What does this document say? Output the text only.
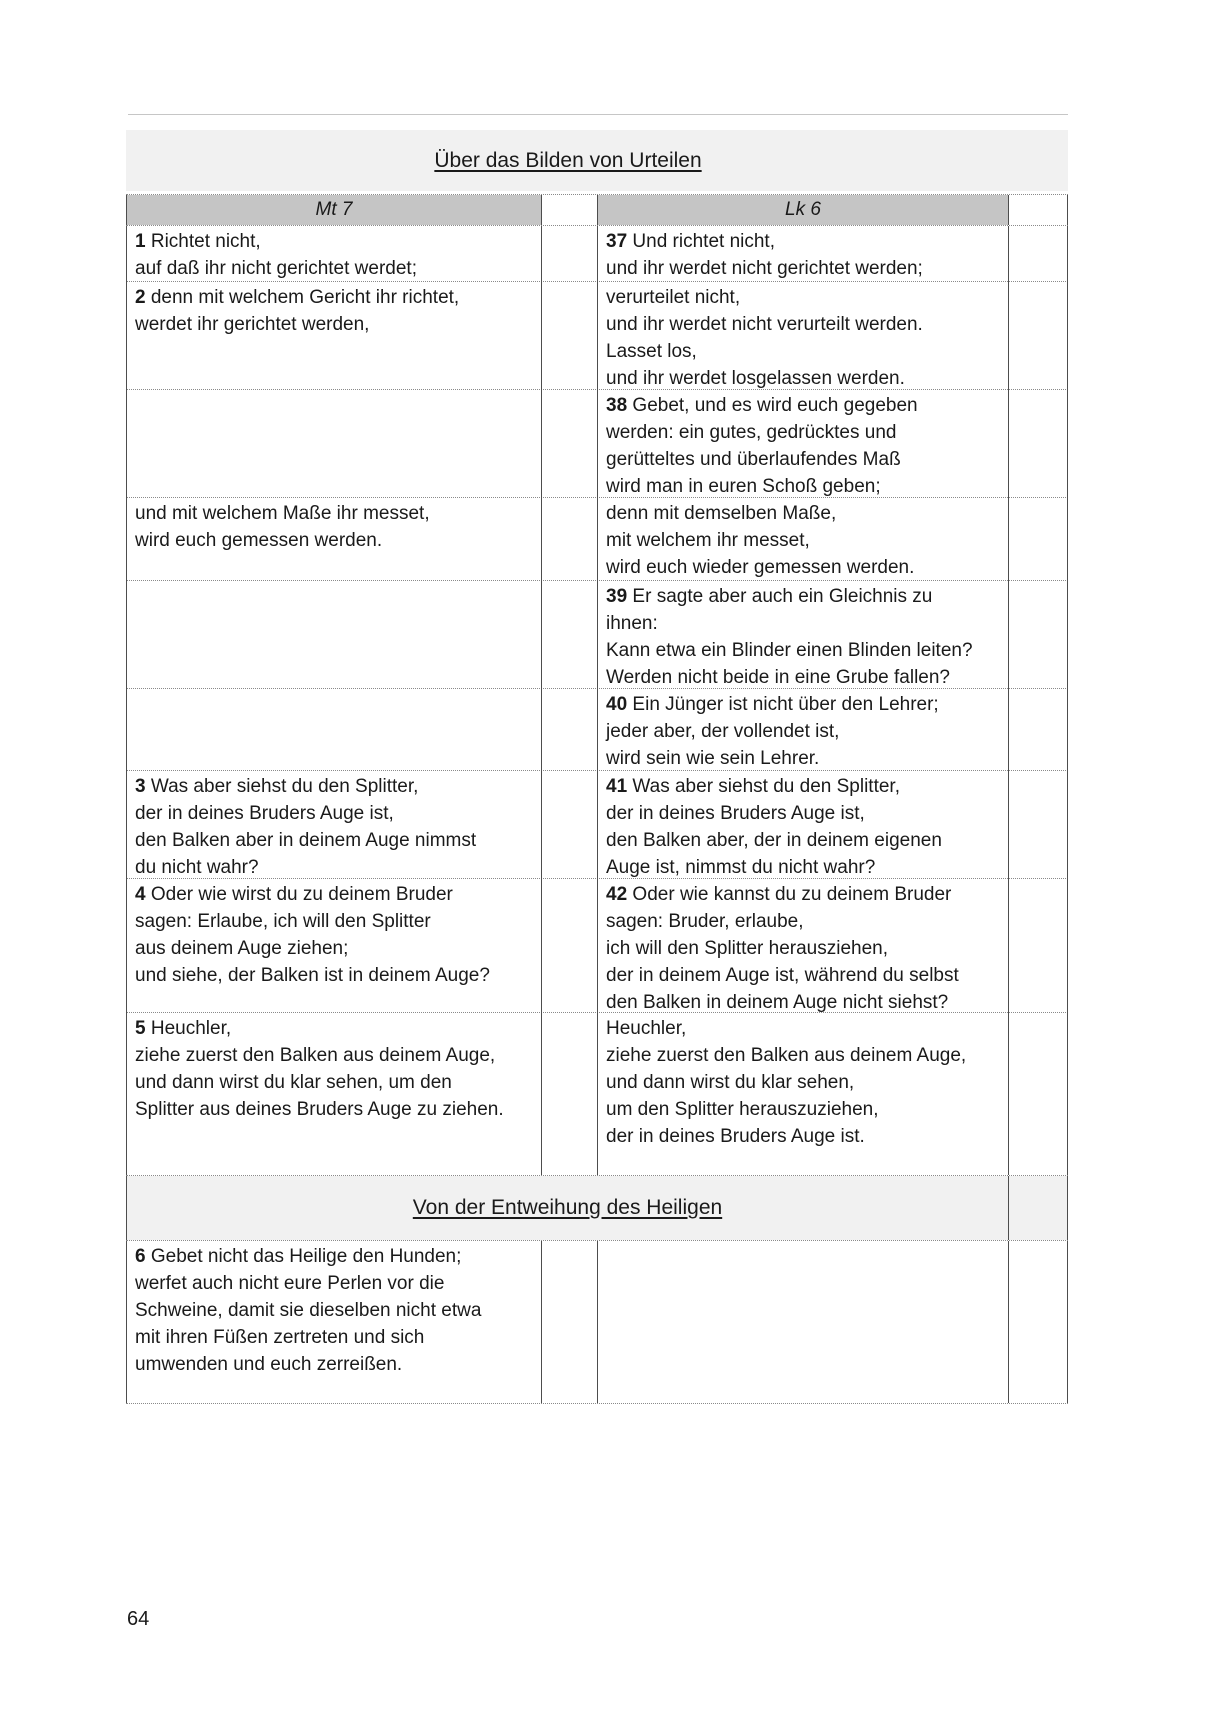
Über das Bilden von Urteilen
Mt 7	Lk 6
1 Richtet nicht,
auf daß ihr nicht gerichtet werdet;
37 Und richtet nicht,
und ihr werdet nicht gerichtet werden;
2 denn mit welchem Gericht ihr richtet,
werdet ihr gerichtet werden,
verurteilet nicht,
und ihr werdet nicht verurteilt werden.
Lasset los,
und ihr werdet losgelassen werden.
38 Gebet, und es wird euch gegeben
werden: ein gutes, gedrücktes und
gerütteltes und überlaufendes Maß
wird man in euren Schoß geben;
und mit welchem Maße ihr messet,
wird euch gemessen werden.
denn mit demselben Maße,
mit welchem ihr messet,
wird euch wieder gemessen werden.
39 Er sagte aber auch ein Gleichnis zu
ihnen:
Kann etwa ein Blinder einen Blinden leiten?
Werden nicht beide in eine Grube fallen?
40 Ein Jünger ist nicht über den Lehrer;
jeder aber, der vollendet ist,
wird sein wie sein Lehrer.
3 Was aber siehst du den Splitter,
der in deines Bruders Auge ist,
den Balken aber in deinem Auge nimmst
du nicht wahr?
41 Was aber siehst du den Splitter,
der in deines Bruders Auge ist,
den Balken aber, der in deinem eigenen
Auge ist, nimmst du nicht wahr?
4 Oder wie wirst du zu deinem Bruder
sagen: Erlaube, ich will den Splitter
aus deinem Auge ziehen;
und siehe, der Balken ist in deinem Auge?
42 Oder wie kannst du zu deinem Bruder
sagen: Bruder, erlaube,
ich will den Splitter herausziehen,
der in deinem Auge ist, während du selbst
den Balken in deinem Auge nicht siehst?
5 Heuchler,
ziehe zuerst den Balken aus deinem Auge,
und dann wirst du klar sehen, um den
Splitter aus deines Bruders Auge zu ziehen.
Heuchler,
ziehe zuerst den Balken aus deinem Auge,
und dann wirst du klar sehen,
um den Splitter herauszuziehen,
der in deines Bruders Auge ist.
Von der Entweihung des Heiligen
6 Gebet nicht das Heilige den Hunden;
werfet auch nicht eure Perlen vor die
Schweine, damit sie dieselben nicht etwa
mit ihren Füßen zertreten und sich
umwenden und euch zerreißen.
64
